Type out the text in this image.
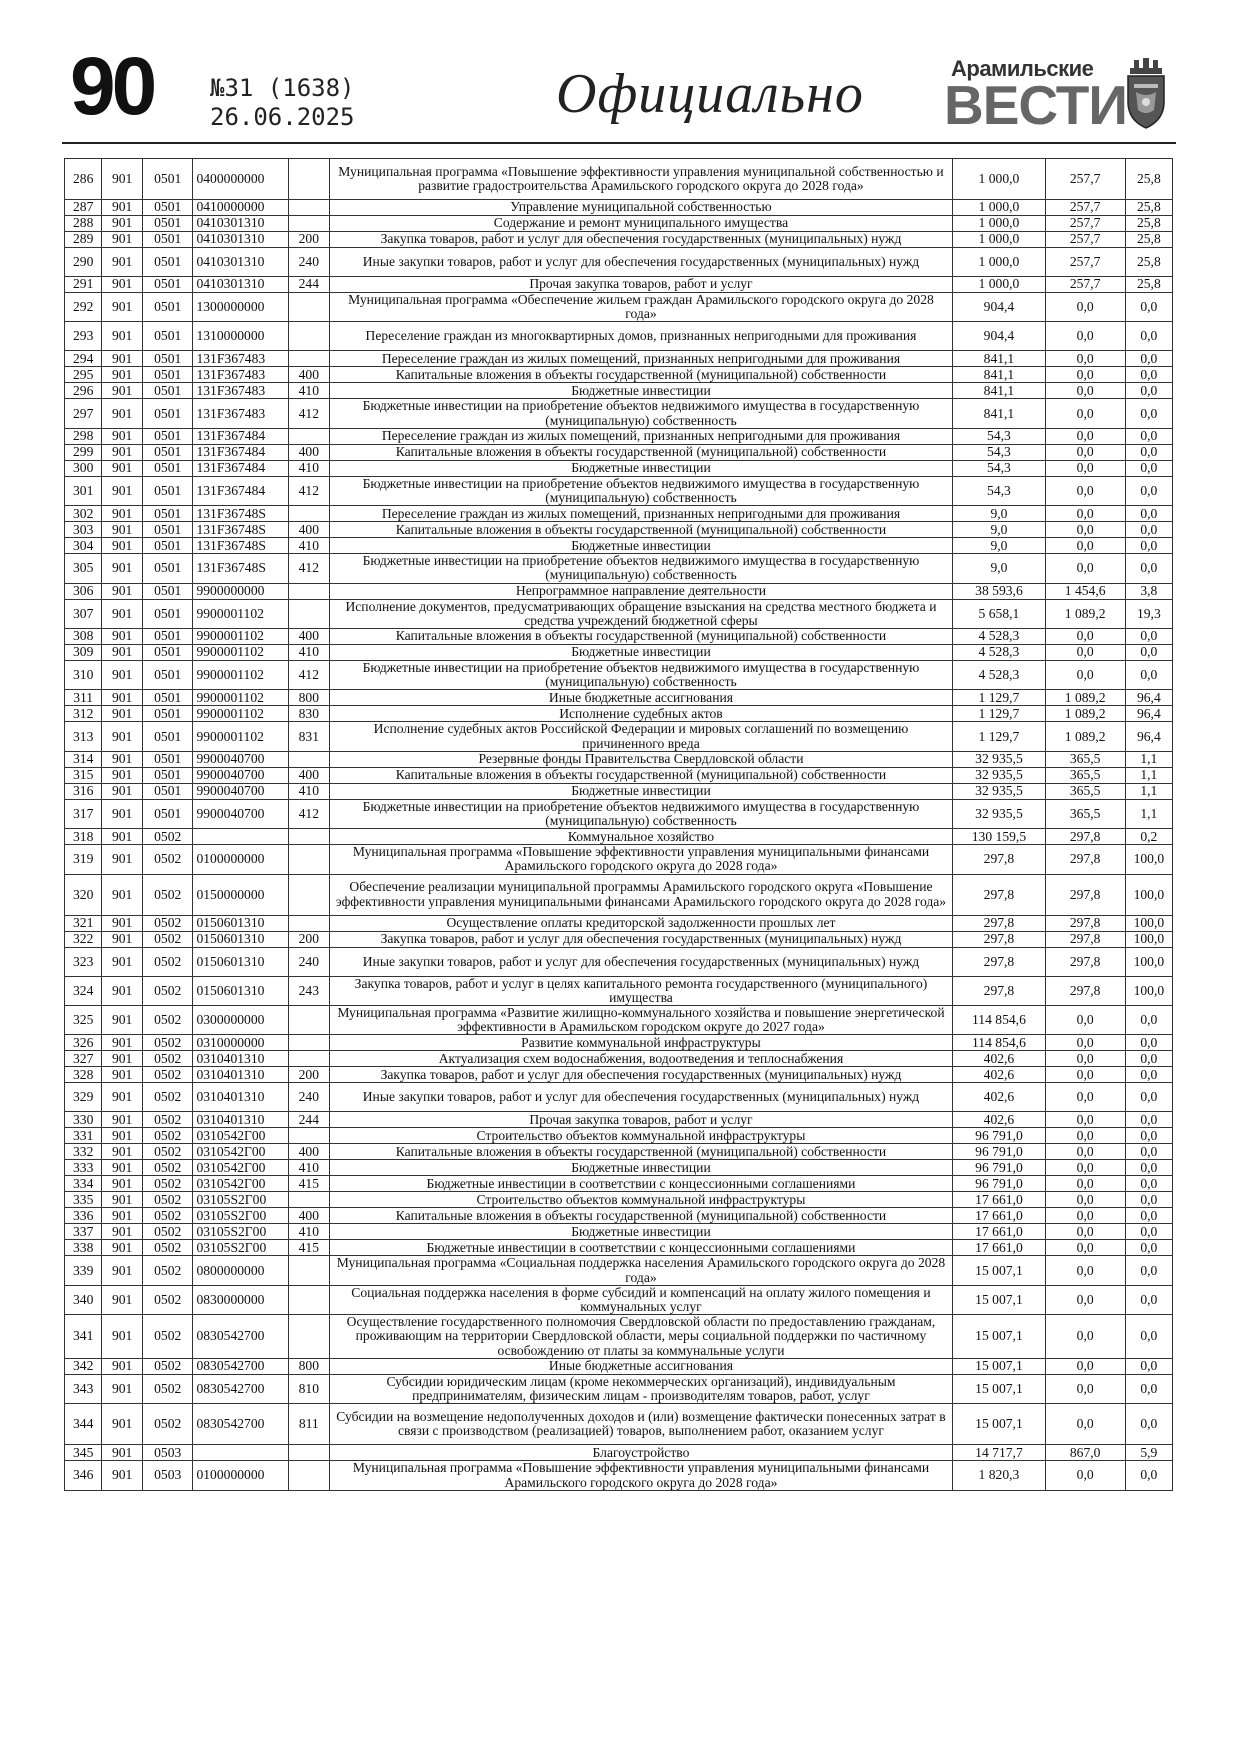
90 №31 (1638)
26.06.2025	Официально	Арамильские
ВЕСТИ
286	901	0501	0400000000		Муниципальная программа «Повышение эффективности управления муниципальной собственностью и развитие градостроительства Арамильского городского округа до 2028 года»	1 000,0	257,7	25,8
287	901	0501	0410000000		Управление муниципальной собственностью	1 000,0	257,7	25,8
288	901	0501	0410301310		Содержание и ремонт муниципального имущества	1 000,0	257,7	25,8
289	901	0501	0410301310	200	Закупка товаров, работ и услуг для обеспечения государственных (муниципальных) нужд	1 000,0	257,7	25,8
290	901	0501	0410301310	240	Иные закупки товаров, работ и услуг для обеспечения государственных (муниципальных) нужд	1 000,0	257,7	25,8
291	901	0501	0410301310	244	Прочая закупка товаров, работ и услуг	1 000,0	257,7	25,8
292	901	0501	1300000000		Муниципальная программа «Обеспечение жильем граждан Арамильского городского округа до 2028 года»	904,4	0,0	0,0
293	901	0501	1310000000		Переселение граждан из многоквартирных домов, признанных непригодными для проживания	904,4	0,0	0,0
294	901	0501	131F367483		Переселение граждан из жилых помещений, признанных непригодными для проживания	841,1	0,0	0,0
295	901	0501	131F367483	400	Капитальные вложения в объекты государственной (муниципальной) собственности	841,1	0,0	0,0
296	901	0501	131F367483	410	Бюджетные инвестиции	841,1	0,0	0,0
297	901	0501	131F367483	412	Бюджетные инвестиции на приобретение объектов недвижимого имущества в государственную (муниципальную) собственность	841,1	0,0	0,0
298	901	0501	131F367484		Переселение граждан из жилых помещений, признанных непригодными для проживания	54,3	0,0	0,0
299	901	0501	131F367484	400	Капитальные вложения в объекты государственной (муниципальной) собственности	54,3	0,0	0,0
300	901	0501	131F367484	410	Бюджетные инвестиции	54,3	0,0	0,0
301	901	0501	131F367484	412	Бюджетные инвестиции на приобретение объектов недвижимого имущества в государственную (муниципальную) собственность	54,3	0,0	0,0
302	901	0501	131F36748S		Переселение граждан из жилых помещений, признанных непригодными для проживания	9,0	0,0	0,0
303	901	0501	131F36748S	400	Капитальные вложения в объекты государственной (муниципальной) собственности	9,0	0,0	0,0
304	901	0501	131F36748S	410	Бюджетные инвестиции	9,0	0,0	0,0
305	901	0501	131F36748S	412	Бюджетные инвестиции на приобретение объектов недвижимого имущества в государственную (муниципальную) собственность	9,0	0,0	0,0
306	901	0501	9900000000		Непрограммное направление деятельности	38 593,6	1 454,6	3,8
307	901	0501	9900001102		Исполнение документов, предусматривающих обращение взыскания на средства местного бюджета и средства учреждений бюджетной сферы	5 658,1	1 089,2	19,3
308	901	0501	9900001102	400	Капитальные вложения в объекты государственной (муниципальной) собственности	4 528,3	0,0	0,0
309	901	0501	9900001102	410	Бюджетные инвестиции	4 528,3	0,0	0,0
310	901	0501	9900001102	412	Бюджетные инвестиции на приобретение объектов недвижимого имущества в государственную (муниципальную) собственность	4 528,3	0,0	0,0
311	901	0501	9900001102	800	Иные бюджетные ассигнования	1 129,7	1 089,2	96,4
312	901	0501	9900001102	830	Исполнение судебных актов	1 129,7	1 089,2	96,4
313	901	0501	9900001102	831	Исполнение судебных актов Российской Федерации и мировых соглашений по возмещению причиненного вреда	1 129,7	1 089,2	96,4
314	901	0501	9900040700		Резервные фонды Правительства Свердловской области	32 935,5	365,5	1,1
315	901	0501	9900040700	400	Капитальные вложения в объекты государственной (муниципальной) собственности	32 935,5	365,5	1,1
316	901	0501	9900040700	410	Бюджетные инвестиции	32 935,5	365,5	1,1
317	901	0501	9900040700	412	Бюджетные инвестиции на приобретение объектов недвижимого имущества в государственную (муниципальную) собственность	32 935,5	365,5	1,1
318	901	0502			Коммунальное хозяйство	130 159,5	297,8	0,2
319	901	0502	0100000000		Муниципальная программа «Повышение эффективности управления муниципальными финансами Арамильского городского округа до 2028 года»	297,8	297,8	100,0
320	901	0502	0150000000		Обеспечение реализации муниципальной программы Арамильского городского округа «Повышение эффективности управления муниципальными финансами Арамильского городского округа до 2028 года»	297,8	297,8	100,0
321	901	0502	0150601310		Осуществление оплаты кредиторской задолженности прошлых лет	297,8	297,8	100,0
322	901	0502	0150601310	200	Закупка товаров, работ и услуг для обеспечения государственных (муниципальных) нужд	297,8	297,8	100,0
323	901	0502	0150601310	240	Иные закупки товаров, работ и услуг для обеспечения государственных (муниципальных) нужд	297,8	297,8	100,0
324	901	0502	0150601310	243	Закупка товаров, работ и услуг в целях капитального ремонта государственного (муниципального) имущества	297,8	297,8	100,0
325	901	0502	0300000000		Муниципальная программа «Развитие жилищно-коммунального хозяйства и повышение энергетической эффективности в Арамильском городском округе до 2027 года»	114 854,6	0,0	0,0
326	901	0502	0310000000		Развитие коммунальной инфраструктуры	114 854,6	0,0	0,0
327	901	0502	0310401310		Актуализация схем водоснабжения, водоотведения и теплоснабжения	402,6	0,0	0,0
328	901	0502	0310401310	200	Закупка товаров, работ и услуг для обеспечения государственных (муниципальных) нужд	402,6	0,0	0,0
329	901	0502	0310401310	240	Иные закупки товаров, работ и услуг для обеспечения государственных (муниципальных) нужд	402,6	0,0	0,0
330	901	0502	0310401310	244	Прочая закупка товаров, работ и услуг	402,6	0,0	0,0
331	901	0502	0310542Г00		Строительство объектов коммунальной инфраструктуры	96 791,0	0,0	0,0
332	901	0502	0310542Г00	400	Капитальные вложения в объекты государственной (муниципальной) собственности	96 791,0	0,0	0,0
333	901	0502	0310542Г00	410	Бюджетные инвестиции	96 791,0	0,0	0,0
334	901	0502	0310542Г00	415	Бюджетные инвестиции в соответствии с концессионными соглашениями	96 791,0	0,0	0,0
335	901	0502	03105S2Г00		Строительство объектов коммунальной инфраструктуры	17 661,0	0,0	0,0
336	901	0502	03105S2Г00	400	Капитальные вложения в объекты государственной (муниципальной) собственности	17 661,0	0,0	0,0
337	901	0502	03105S2Г00	410	Бюджетные инвестиции	17 661,0	0,0	0,0
338	901	0502	03105S2Г00	415	Бюджетные инвестиции в соответствии с концессионными соглашениями	17 661,0	0,0	0,0
339	901	0502	0800000000		Муниципальная программа «Социальная поддержка населения Арамильского городского округа до 2028 года»	15 007,1	0,0	0,0
340	901	0502	0830000000		Социальная поддержка населения в форме субсидий и компенсаций на оплату жилого помещения и коммунальных услуг	15 007,1	0,0	0,0
341	901	0502	0830542700		Осуществление государственного полномочия Свердловской области по предоставлению гражданам, проживающим на территории Свердловской области, меры социальной поддержки по частичному освобождению от платы за коммунальные услуги	15 007,1	0,0	0,0
342	901	0502	0830542700	800	Иные бюджетные ассигнования	15 007,1	0,0	0,0
343	901	0502	0830542700	810	Субсидии юридическим лицам (кроме некоммерческих организаций), индивидуальным предпринимателям, физическим лицам - производителям товаров, работ, услуг	15 007,1	0,0	0,0
344	901	0502	0830542700	811	Субсидии на возмещение недополученных доходов и (или) возмещение фактически понесенных затрат в связи с производством (реализацией) товаров, выполнением работ, оказанием услуг	15 007,1	0,0	0,0
345	901	0503			Благоустройство	14 717,7	867,0	5,9
346	901	0503	0100000000		Муниципальная программа «Повышение эффективности управления муниципальными финансами Арамильского городского округа до 2028 года»	1 820,3	0,0	0,0
